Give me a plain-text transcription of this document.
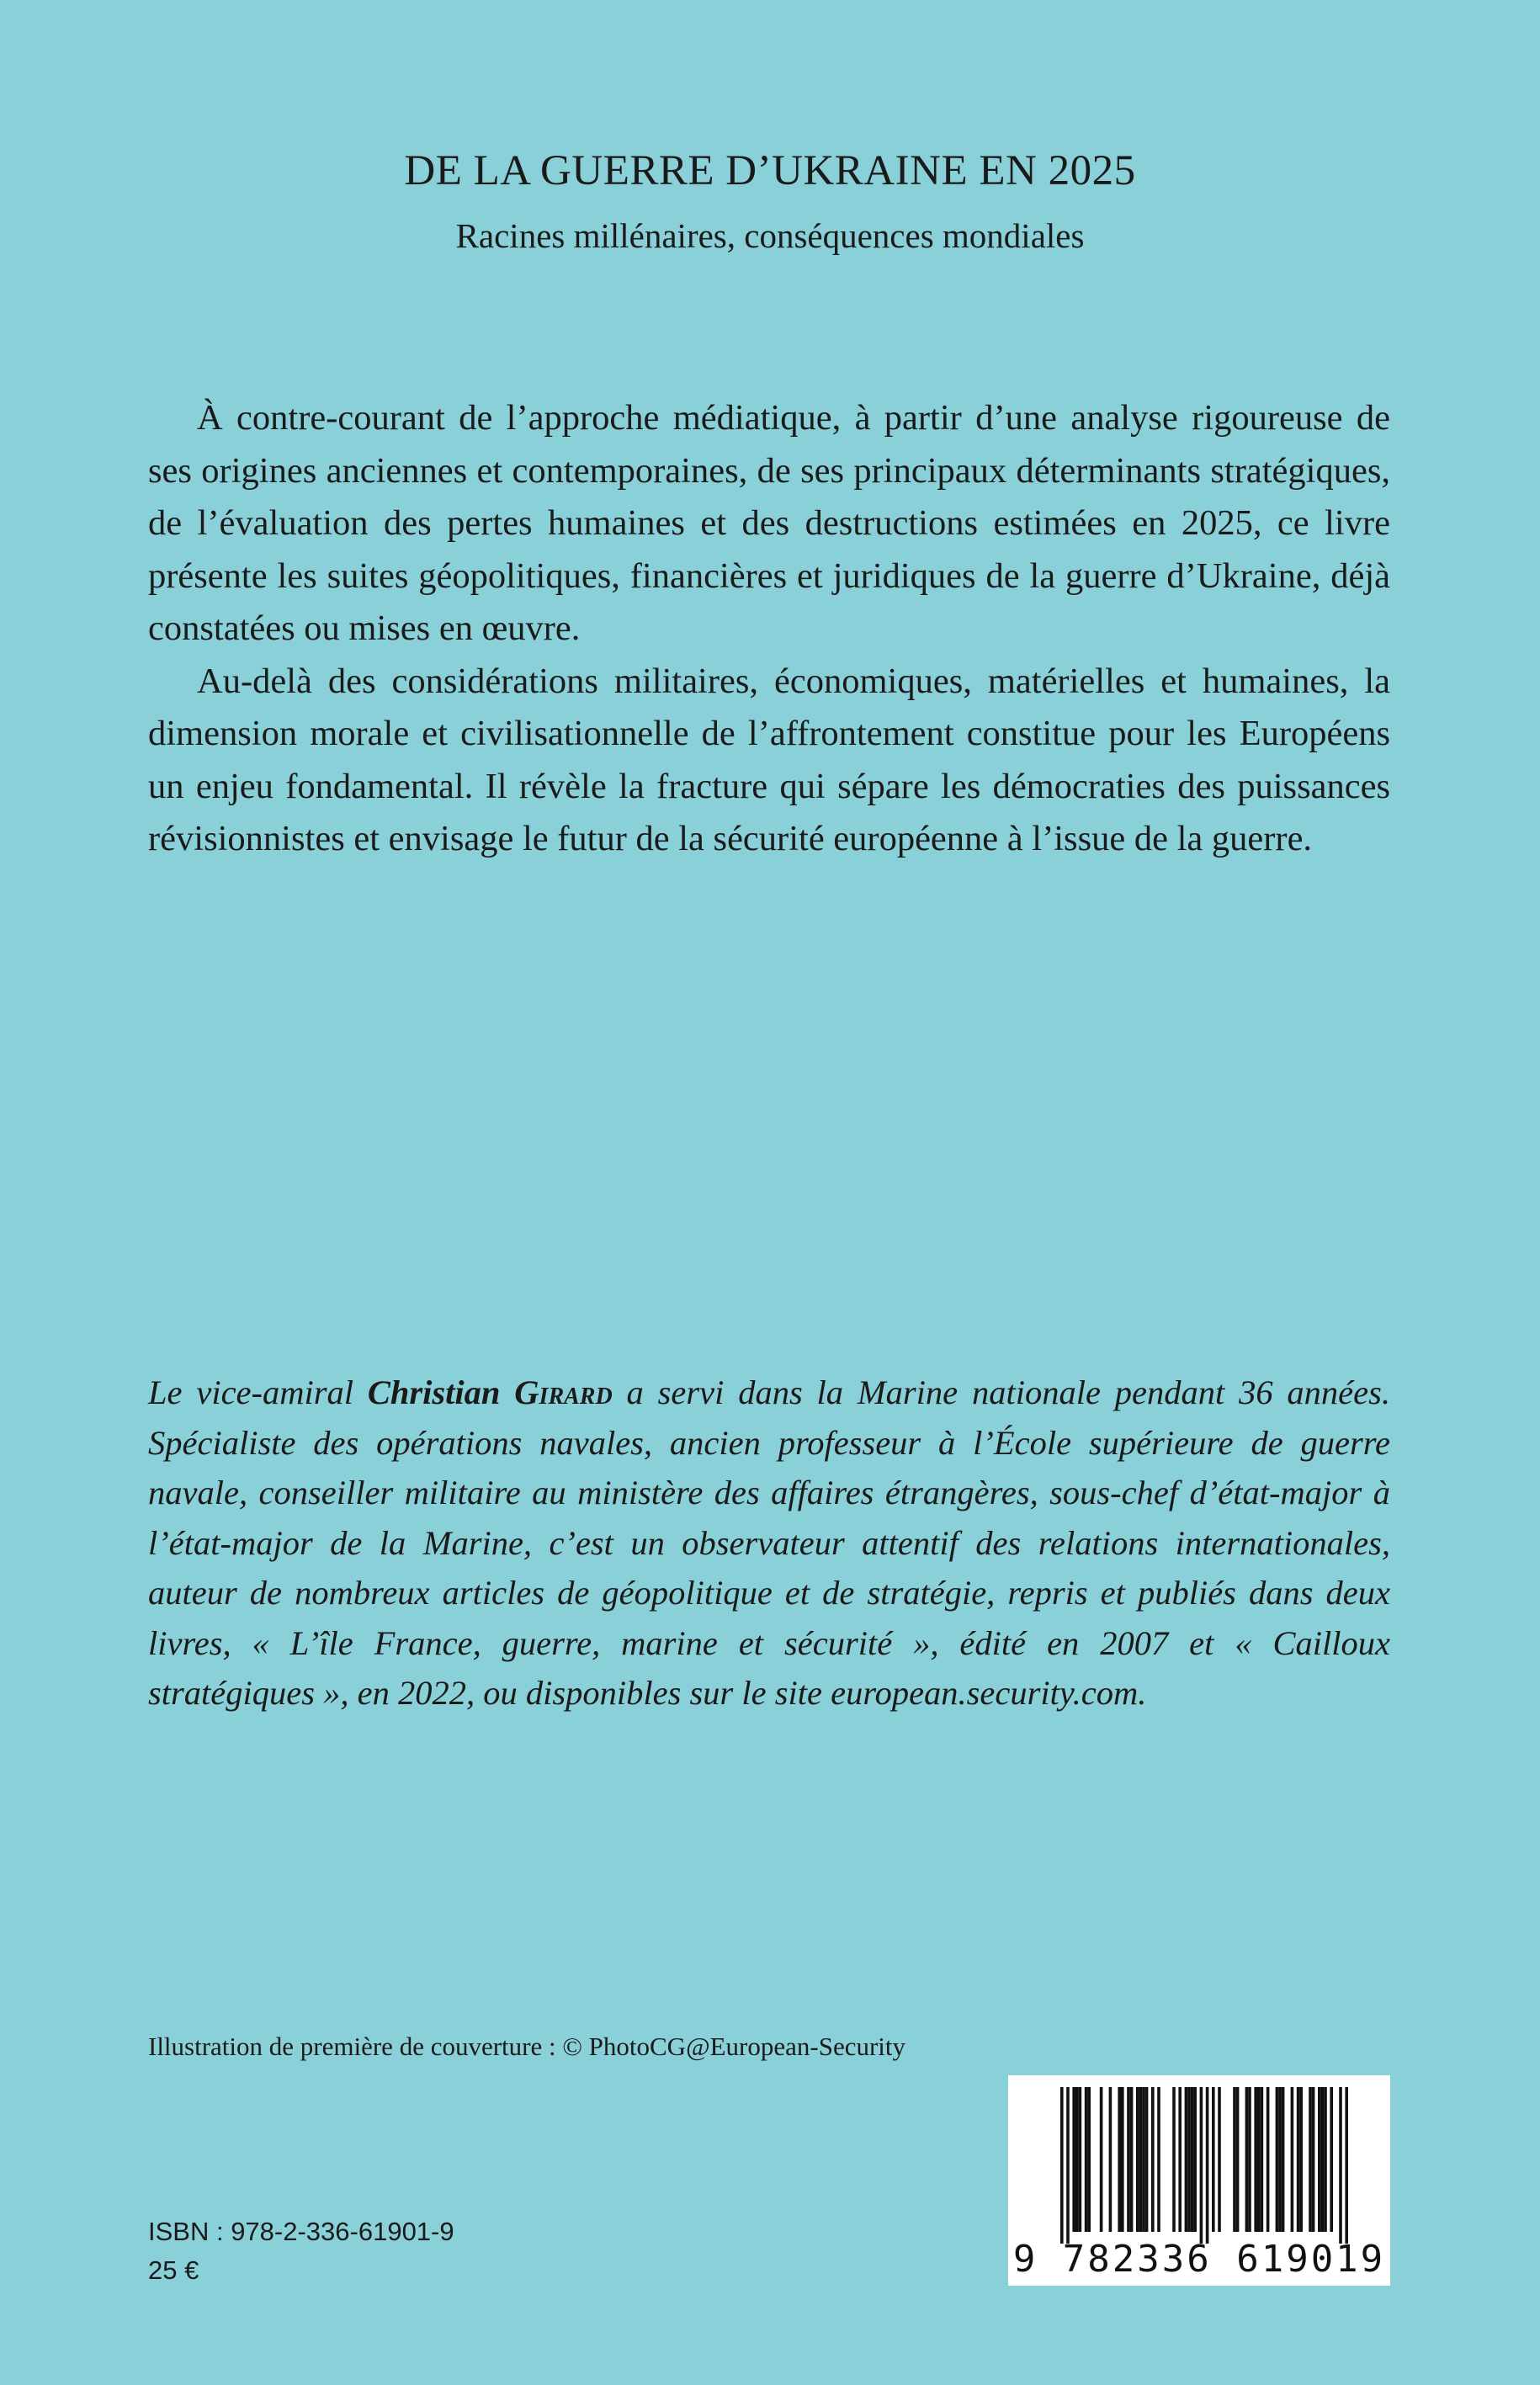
DE LA GUERRE D’UKRAINE EN 2025
Racines millénaires, conséquences mondiales

À contre-courant de l’approche médiatique, à partir d’une analyse rigoureuse de ses origines anciennes et contemporaines, de ses principaux déterminants stratégiques, de l’évaluation des pertes humaines et des destructions estimées en 2025, ce livre présente les suites géopolitiques, financières et juridiques de la guerre d’Ukraine, déjà constatées ou mises en œuvre.

Au-delà des considérations militaires, économiques, matérielles et humaines, la dimension morale et civilisationnelle de l’affrontement constitue pour les Européens un enjeu fondamental. Il révèle la fracture qui sépare les démocraties des puissances révisionnistes et envisage le futur de la sécurité européenne à l’issue de la guerre.

Le vice-amiral Christian Girard a servi dans la Marine nationale pendant 36 années. Spécialiste des opérations navales, ancien professeur à l’École supérieure de guerre navale, conseiller militaire au ministère des affaires étrangères, sous-chef d’état-major à l’état-major de la Marine, c’est un observateur attentif des relations internationales, auteur de nombreux articles de géopolitique et de stratégie, repris et publiés dans deux livres, « L’île France, guerre, marine et sécurité », édité en 2007 et « Cailloux stratégiques », en 2022, ou disponibles sur le site european.security.com.

Illustration de première de couverture : © PhotoCG@European-Security
9 782336 619019
ISBN : 978-2-336-61901-9
25 €
